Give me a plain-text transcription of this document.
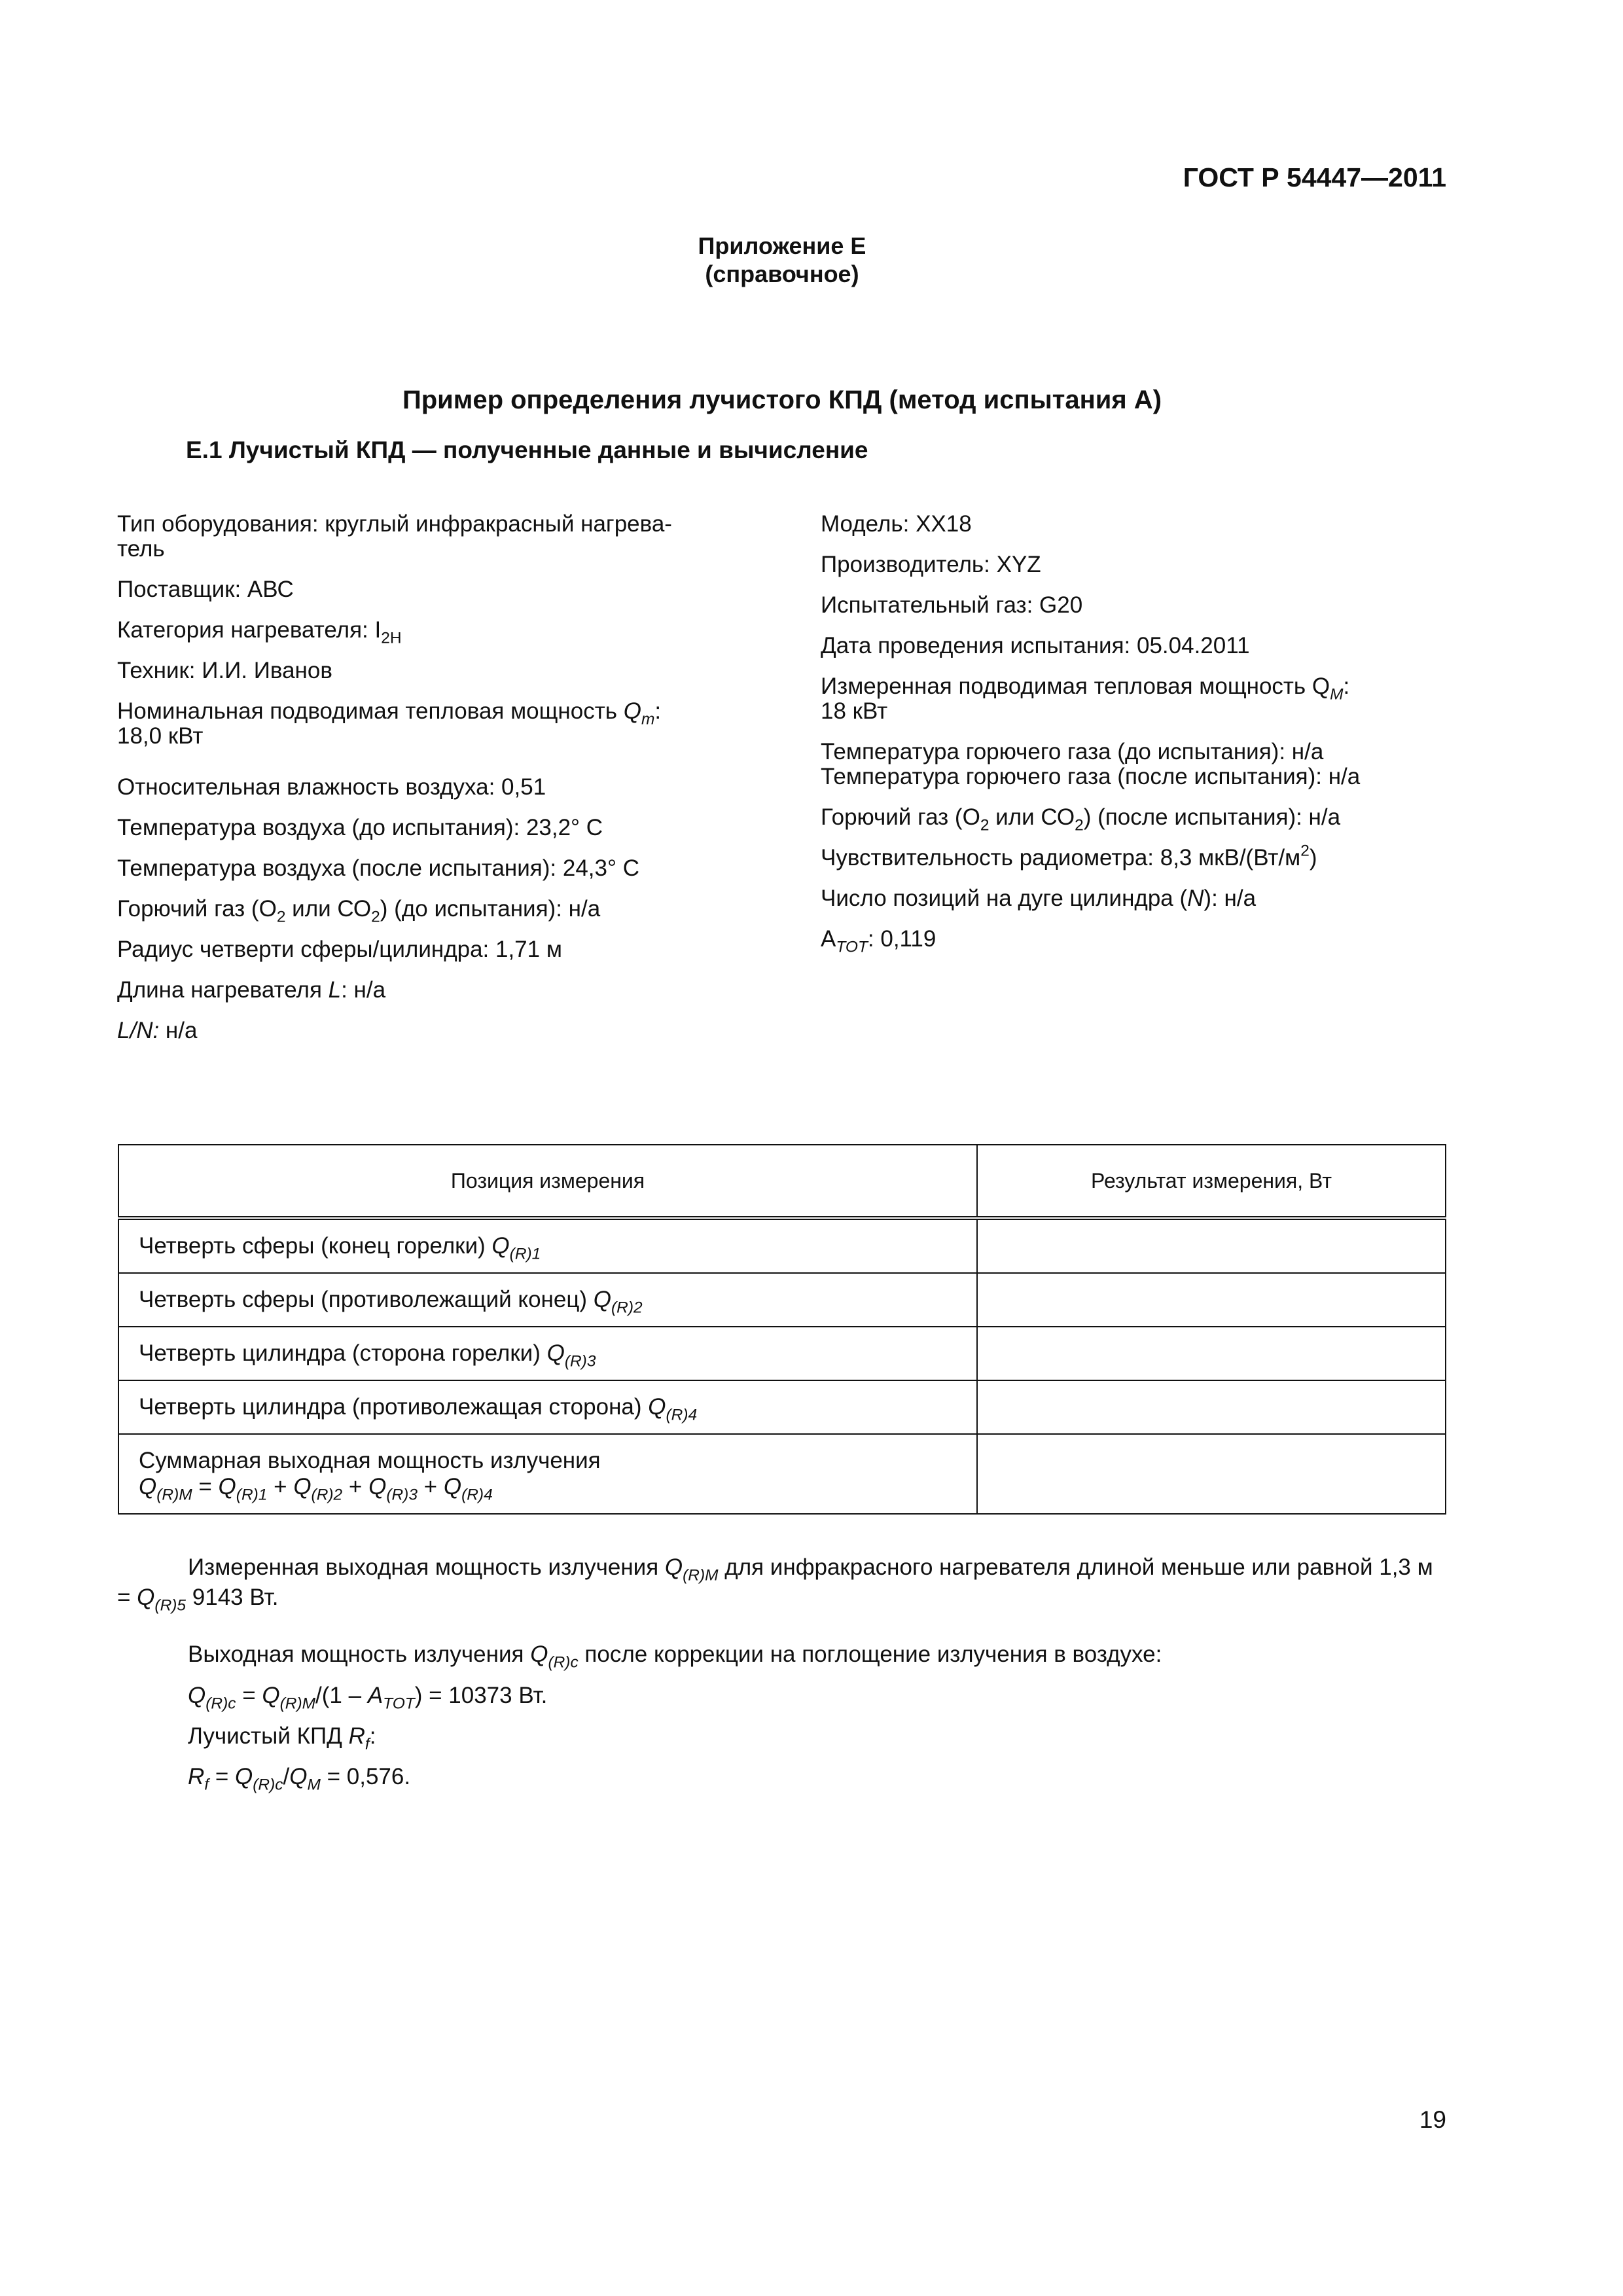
ГОСТ Р 54447—2011
Приложение Е
(справочное)
Пример определения лучистого КПД (метод испытания А)
Е.1 Лучистый КПД — полученные данные и вычисление
Тип оборудования: круглый инфракрасный нагрева-тель
Поставщик: АВС
Категория нагревателя: $I_{2H}$
Техник: И.И. Иванов
Номинальная подводимая тепловая мощность $Q_m$:
18,0 кВт
Относительная влажность воздуха: 0,51
Температура воздуха (до испытания): 23,2° С
Температура воздуха (после испытания): 24,3° С
Горючий газ ($О_2$ или $СО_2$) (до испытания): н/а
Радиус четверти сферы/цилиндра: 1,71 м
Длина нагревателя L: н/а
L/N: н/а
Модель: ХХ18
Производитель: XYZ
Испытательный газ: G20
Дата проведения испытания: 05.04.2011
Измеренная подводимая тепловая мощность $Q_M$:
18 кВт
Температура горючего газа (до испытания): н/а
Температура горючего газа (после испытания): н/а
Горючий газ ($О_2$ или $СО_2$) (после испытания): н/а
Чувствительность радиометра: 8,3 мкВ/$(Вт/м^2)$
Число позиций на дуге цилиндра (N): н/а
$A_{TOT}$: 0,119
Позиция измерения	Результат измерения, Вт
Четверть сферы (конец горелки) $Q_{(R)1}$	
Четверть сферы (противолежащий конец) $Q_{(R)2}$	
Четверть цилиндра (сторона горелки) $Q_{(R)3}$	
Четверть цилиндра (противолежащая сторона) $Q_{(R)4}$	
Суммарная выходная мощность излучения
$Q_{(R)M} = Q_{(R)1} + Q_{(R)2} + Q_{(R)3} + Q_{(R)4}$	
Измеренная выходная мощность излучения $Q_{(R)M}$ для инфракрасного нагревателя длиной меньше или равной 1,3 $м = Q_{(R)5}$ 9143 Вт.
Выходная мощность излучения $Q_{(R)c}$ после коррекции на поглощение излучения в воздухе:
$Q_{(R)c} = Q_{(R)M}/(1 - A_{TOT}) = 10373$ Вт.
Лучистый КПД $R_f$:
$R_f = Q_{(R)c}/Q_M = 0,576$.
19
